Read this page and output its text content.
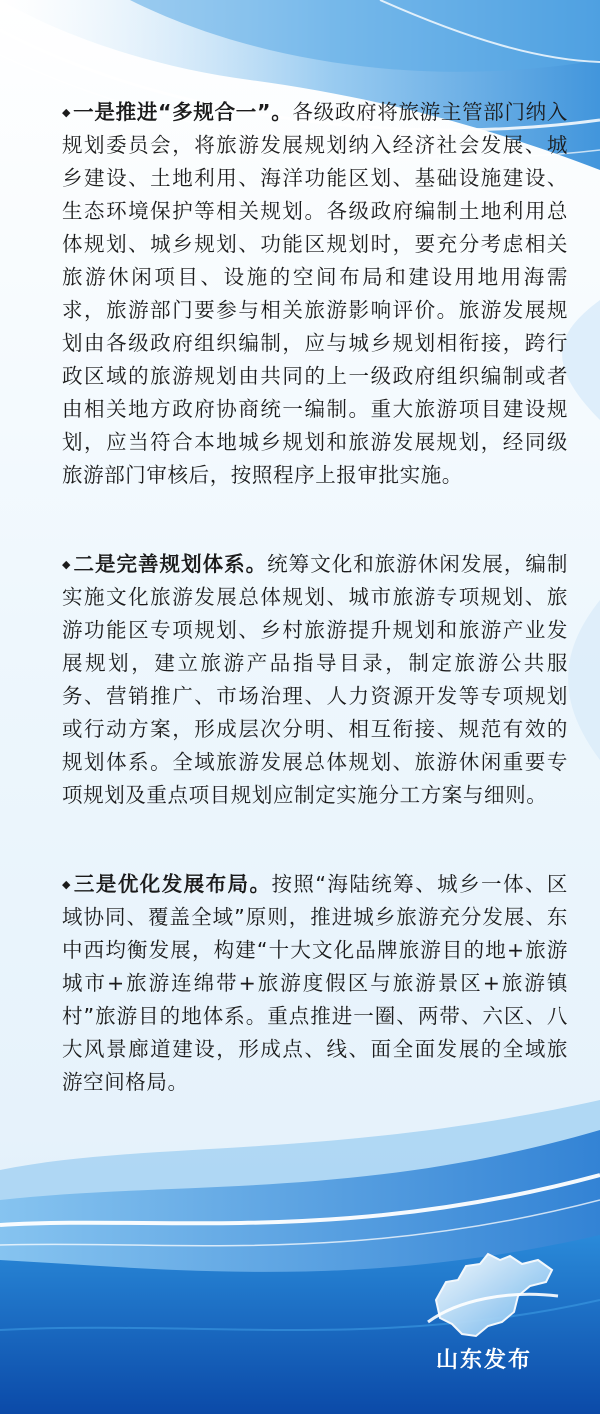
◆一是推进“多规合一”。各级政府将旅游主管部门纳入规划委员会，将旅游发展规划纳入经济社会发展、城乡建设、土地利用、海洋功能区划、基础设施建设、生态环境保护等相关规划。各级政府编制土地利用总体规划、城乡规划、功能区规划时，要充分考虑相关旅游休闲项目、设施的空间布局和建设用地用海需求，旅游部门要参与相关旅游影响评价。旅游发展规划由各级政府组织编制，应与城乡规划相衔接，跨行政区域的旅游规划由共同的上一级政府组织编制或者由相关地方政府协商统一编制。重大旅游项目建设规划，应当符合本地城乡规划和旅游发展规划，经同级旅游部门审核后，按照程序上报审批实施。

◆二是完善规划体系。统筹文化和旅游休闲发展，编制实施文化旅游发展总体规划、城市旅游专项规划、旅游功能区专项规划、乡村旅游提升规划和旅游产业发展规划，建立旅游产品指导目录，制定旅游公共服务、营销推广、市场治理、人力资源开发等专项规划或行动方案，形成层次分明、相互衔接、规范有效的规划体系。全域旅游发展总体规划、旅游休闲重要专项规划及重点项目规划应制定实施分工方案与细则。

◆三是优化发展布局。按照“海陆统筹、城乡一体、区域协同、覆盖全域”原则，推进城乡旅游充分发展、东中西均衡发展，构建“十大文化品牌旅游目的地+旅游城市+旅游连绵带+旅游度假区与旅游景区+旅游镇村”旅游目的地体系。重点推进一圈、两带、六区、八大风景廊道建设，形成点、线、面全面发展的全域旅游空间格局。

山东发布
